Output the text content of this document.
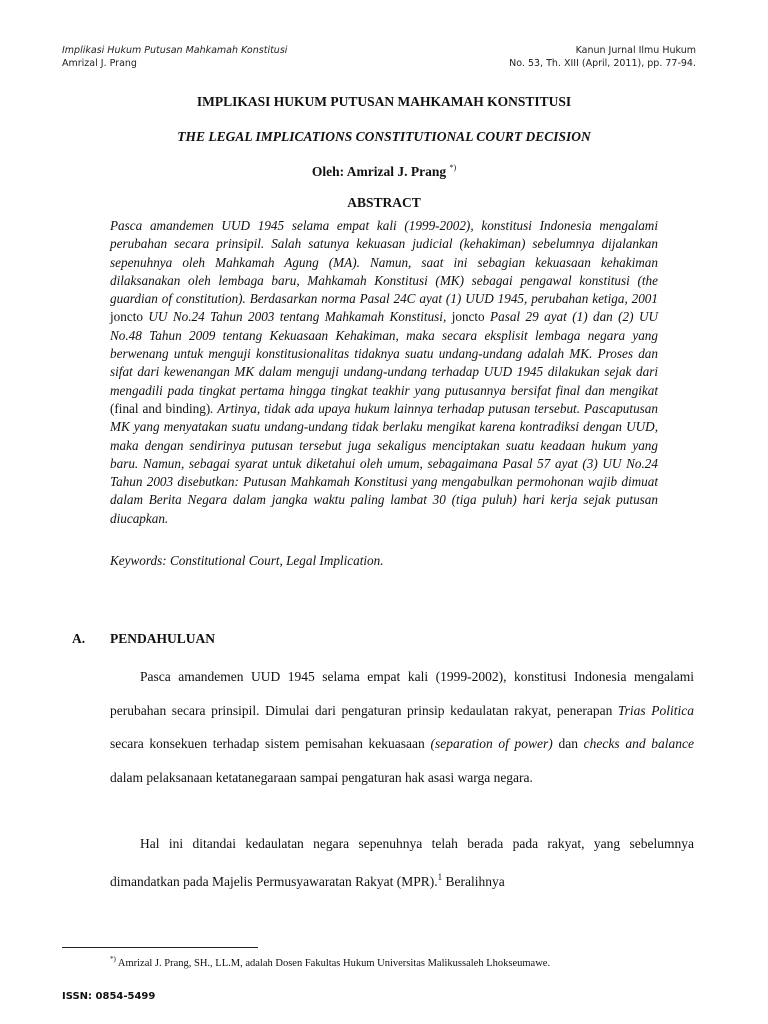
Implikasi Hukum Putusan Mahkamah Konstitusi
Amrizal J. Prang
Kanun Jurnal Ilmu Hukum
No. 53, Th. XIII (April, 2011), pp. 77-94.
IMPLIKASI HUKUM PUTUSAN MAHKAMAH KONSTITUSI
THE LEGAL IMPLICATIONS CONSTITUTIONAL COURT DECISION
Oleh: Amrizal J. Prang *)
ABSTRACT
Pasca amandemen UUD 1945 selama empat kali (1999-2002), konstitusi Indonesia mengalami perubahan secara prinsipil. Salah satunya kekuasan judicial (kehakiman) sebelumnya dijalankan sepenuhnya oleh Mahkamah Agung (MA). Namun, saat ini sebagian kekuasaan kehakiman dilaksanakan oleh lembaga baru, Mahkamah Konstitusi (MK) sebagai pengawal konstitusi (the guardian of constitution). Berdasarkan norma Pasal 24C ayat (1) UUD 1945, perubahan ketiga, 2001 joncto UU No.24 Tahun 2003 tentang Mahkamah Konstitusi, joncto Pasal 29 ayat (1) dan (2) UU No.48 Tahun 2009 tentang Kekuasaan Kehakiman, maka secara eksplisit lembaga negara yang berwenang untuk menguji konstitusionalitas tidaknya suatu undang-undang adalah MK. Proses dan sifat dari kewenangan MK dalam menguji undang-undang terhadap UUD 1945 dilakukan sejak dari mengadili pada tingkat pertama hingga tingkat teakhir yang putusannya bersifat final dan mengikat (final and binding). Artinya, tidak ada upaya hukum lainnya terhadap putusan tersebut. Pascaputusan MK yang menyatakan suatu undang-undang tidak berlaku mengikat karena kontradiksi dengan UUD, maka dengan sendirinya putusan tersebut juga sekaligus menciptakan suatu keadaan hukum yang baru. Namun, sebagai syarat untuk diketahui oleh umum, sebagaimana Pasal 57 ayat (3) UU No.24 Tahun 2003 disebutkan: Putusan Mahkamah Konstitusi yang mengabulkan permohonan wajib dimuat dalam Berita Negara dalam jangka waktu paling lambat 30 (tiga puluh) hari kerja sejak putusan diucapkan.
Keywords: Constitutional Court, Legal Implication.
A. PENDAHULUAN
Pasca amandemen UUD 1945 selama empat kali (1999-2002), konstitusi Indonesia mengalami perubahan secara prinsipil. Dimulai dari pengaturan prinsip kedaulatan rakyat, penerapan Trias Politica secara konsekuen terhadap sistem pemisahan kekuasaan (separation of power) dan checks and balance dalam pelaksanaan ketatanegaraan sampai pengaturan hak asasi warga negara.
Hal ini ditandai kedaulatan negara sepenuhnya telah berada pada rakyat, yang sebelumnya dimandatkan pada Majelis Permusyawaratan Rakyat (MPR).$^1$ Beralihnya
*) Amrizal J. Prang, SH., LL.M, adalah Dosen Fakultas Hukum Universitas Malikussaleh Lhokseumawe.
ISSN: 0854-5499
